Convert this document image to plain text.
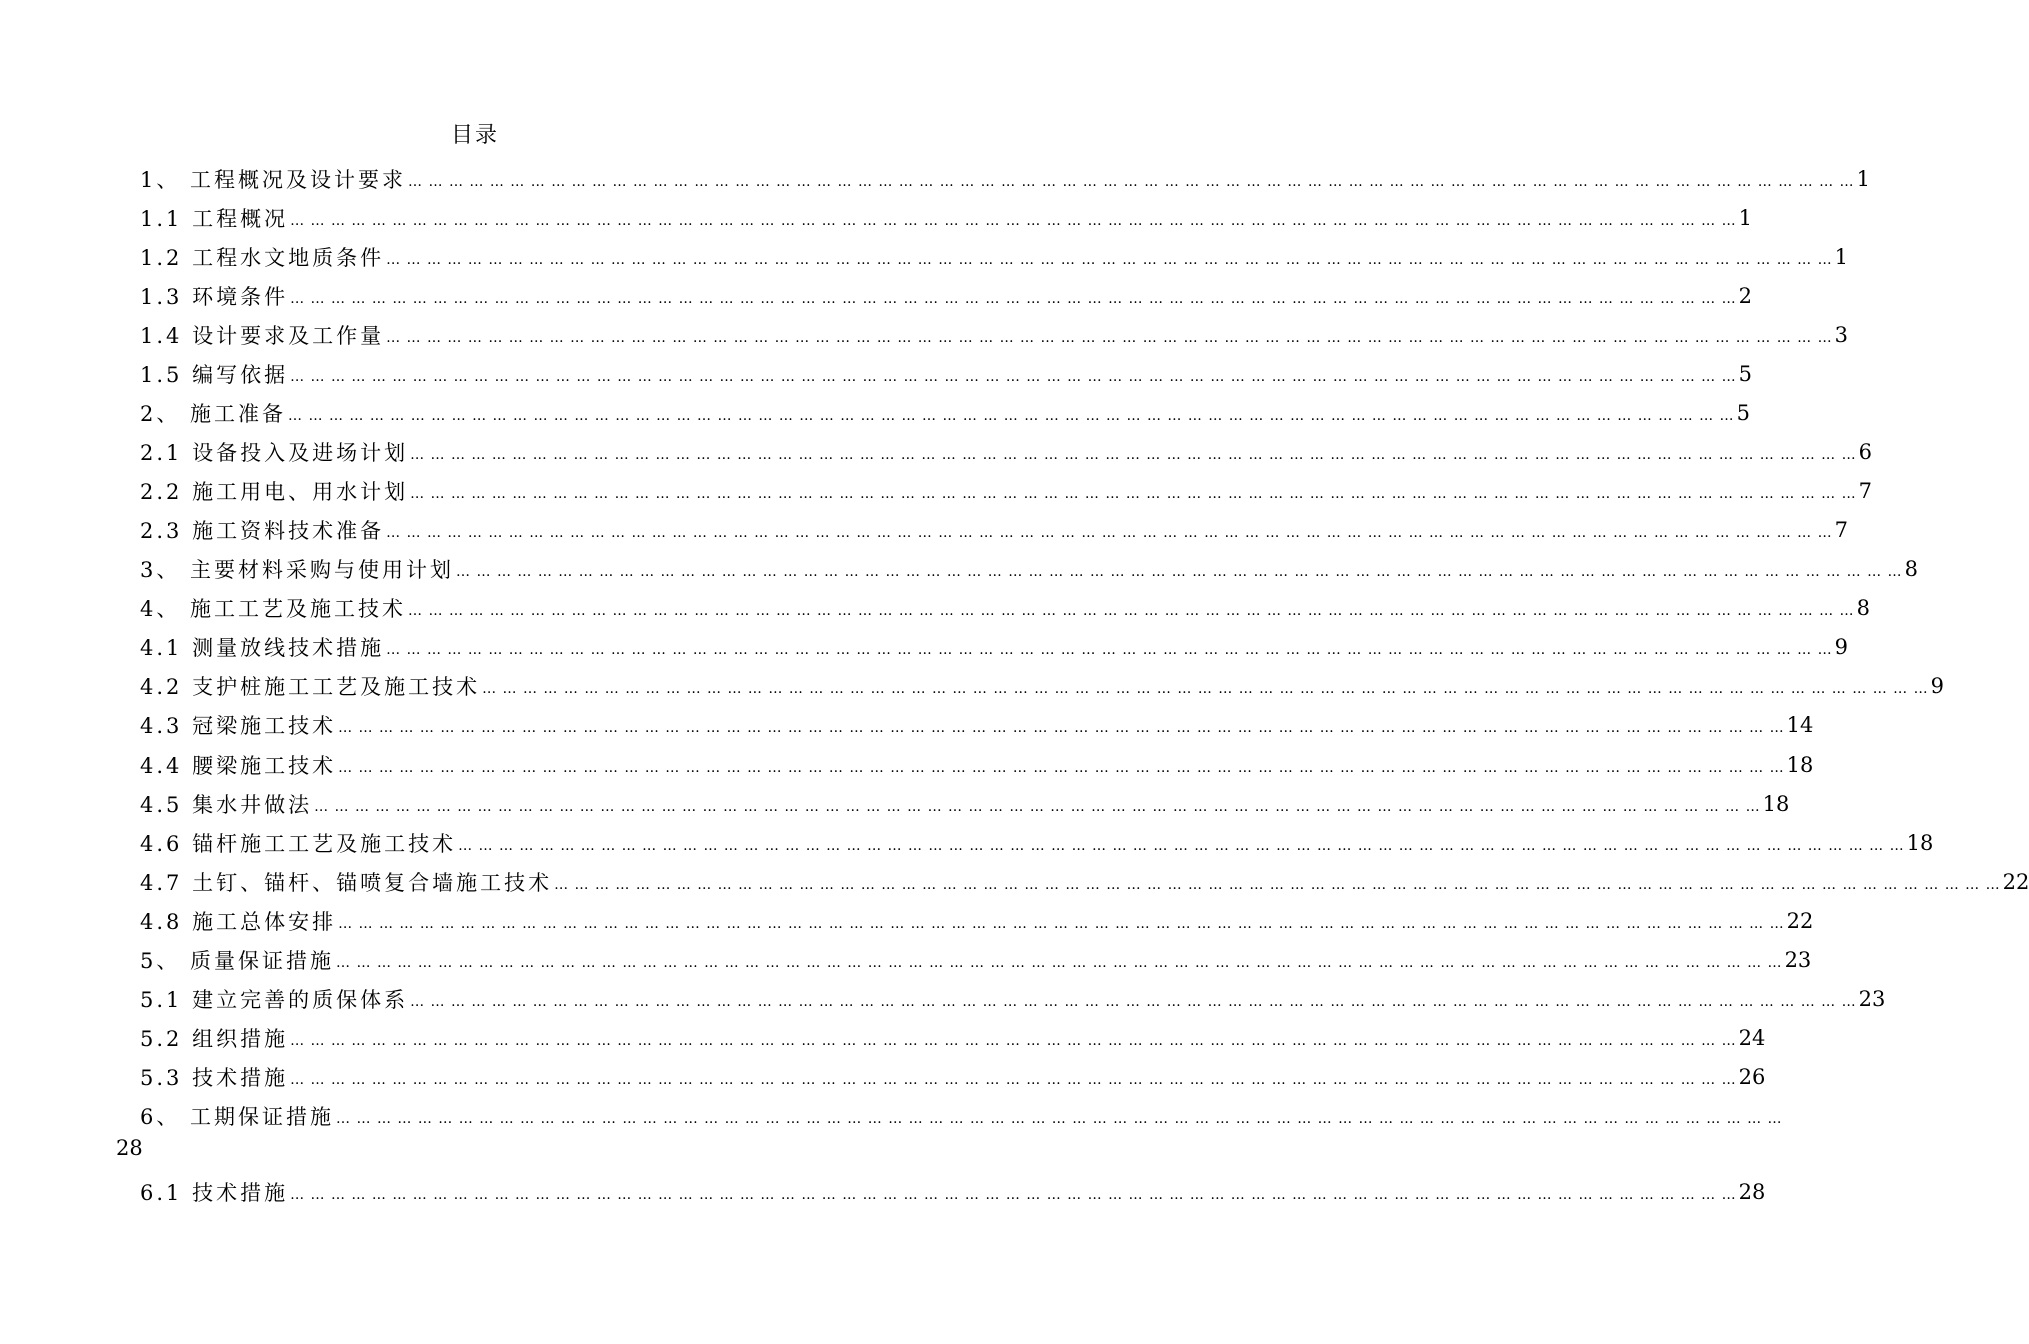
目录
1、 工程概况及设计要求 … … … … … … … … … … … … … … … … … … … … … … … … … … … … … … … … … … … … … … … … … … … … … … … … … … … … … … … … … … … … … … … … … … … … … … … 1
1.1 工程概况 … … … … … … … … … … … … … … … … … … … … … … … … … … … … … … … … … … … … … … … … … … … … … … … … … … … … … … … … … … … … … … … … … … … … … … … 1
1.2 工程水文地质条件 … … … … … … … … … … … … … … … … … … … … … … … … … … … … … … … … … … … … … … … … … … … … … … … … … … … … … … … … … … … … … … … … … … … … … … … 1
1.3 环境条件 … … … … … … … … … … … … … … … … … … … … … … … … … … … … … … … … … … … … … … … … … … … … … … … … … … … … … … … … … … … … … … … … … … … … … … … 2
1.4 设计要求及工作量 … … … … … … … … … … … … … … … … … … … … … … … … … … … … … … … … … … … … … … … … … … … … … … … … … … … … … … … … … … … … … … … … … … … … … … … 3
1.5 编写依据 … … … … … … … … … … … … … … … … … … … … … … … … … … … … … … … … … … … … … … … … … … … … … … … … … … … … … … … … … … … … … … … … … … … … … … … 5
2、 施工准备 … … … … … … … … … … … … … … … … … … … … … … … … … … … … … … … … … … … … … … … … … … … … … … … … … … … … … … … … … … … … … … … … … … … … … … … 5
2.1 设备投入及进场计划 … … … … … … … … … … … … … … … … … … … … … … … … … … … … … … … … … … … … … … … … … … … … … … … … … … … … … … … … … … … … … … … … … … … … … … … 6
2.2 施工用电、用水计划 … … … … … … … … … … … … … … … … … … … … … … … … … … … … … … … … … … … … … … … … … … … … … … … … … … … … … … … … … … … … … … … … … … … … … … … 7
2.3 施工资料技术准备 … … … … … … … … … … … … … … … … … … … … … … … … … … … … … … … … … … … … … … … … … … … … … … … … … … … … … … … … … … … … … … … … … … … … … … … 7
3、 主要材料采购与使用计划 … … … … … … … … … … … … … … … … … … … … … … … … … … … … … … … … … … … … … … … … … … … … … … … … … … … … … … … … … … … … … … … … … … … … … … … 8
4、 施工工艺及施工技术 … … … … … … … … … … … … … … … … … … … … … … … … … … … … … … … … … … … … … … … … … … … … … … … … … … … … … … … … … … … … … … … … … … … … … … … 8
4.1 测量放线技术措施 … … … … … … … … … … … … … … … … … … … … … … … … … … … … … … … … … … … … … … … … … … … … … … … … … … … … … … … … … … … … … … … … … … … … … … … 9
4.2 支护桩施工工艺及施工技术 … … … … … … … … … … … … … … … … … … … … … … … … … … … … … … … … … … … … … … … … … … … … … … … … … … … … … … … … … … … … … … … … … … … … … … … 9
4.3 冠梁施工技术 … … … … … … … … … … … … … … … … … … … … … … … … … … … … … … … … … … … … … … … … … … … … … … … … … … … … … … … … … … … … … … … … … … … … … … … 14
4.4 腰梁施工技术 … … … … … … … … … … … … … … … … … … … … … … … … … … … … … … … … … … … … … … … … … … … … … … … … … … … … … … … … … … … … … … … … … … … … … … … 18
4.5 集水井做法 … … … … … … … … … … … … … … … … … … … … … … … … … … … … … … … … … … … … … … … … … … … … … … … … … … … … … … … … … … … … … … … … … … … … … … … 18
4.6 锚杆施工工艺及施工技术 … … … … … … … … … … … … … … … … … … … … … … … … … … … … … … … … … … … … … … … … … … … … … … … … … … … … … … … … … … … … … … … … … … … … … … … 18
4.7 土钉、锚杆、锚喷复合墙施工技术 … … … … … … … … … … … … … … … … … … … … … … … … … … … … … … … … … … … … … … … … … … … … … … … … … … … … … … … … … … … … … … … … … … … … … … … 22
4.8 施工总体安排 … … … … … … … … … … … … … … … … … … … … … … … … … … … … … … … … … … … … … … … … … … … … … … … … … … … … … … … … … … … … … … … … … … … … … … … 22
5、 质量保证措施 … … … … … … … … … … … … … … … … … … … … … … … … … … … … … … … … … … … … … … … … … … … … … … … … … … … … … … … … … … … … … … … … … … … … … … … 23
5.1 建立完善的质保体系 … … … … … … … … … … … … … … … … … … … … … … … … … … … … … … … … … … … … … … … … … … … … … … … … … … … … … … … … … … … … … … … … … … … … … … … 23
5.2 组织措施 … … … … … … … … … … … … … … … … … … … … … … … … … … … … … … … … … … … … … … … … … … … … … … … … … … … … … … … … … … … … … … … … … … … … … … … 24
5.3 技术措施 … … … … … … … … … … … … … … … … … … … … … … … … … … … … … … … … … … … … … … … … … … … … … … … … … … … … … … … … … … … … … … … … … … … … … … … 26
6、 工期保证措施 … … … … … … … … … … … … … … … … … … … … … … … … … … … … … … … … … … … … … … … … … … … … … … … … … … … … … … … … … … … … … … … … … … … … … … …
6.1 技术措施 … … … … … … … … … … … … … … … … … … … … … … … … … … … … … … … … … … … … … … … … … … … … … … … … … … … … … … … … … … … … … … … … … … … … … … … 28
28
